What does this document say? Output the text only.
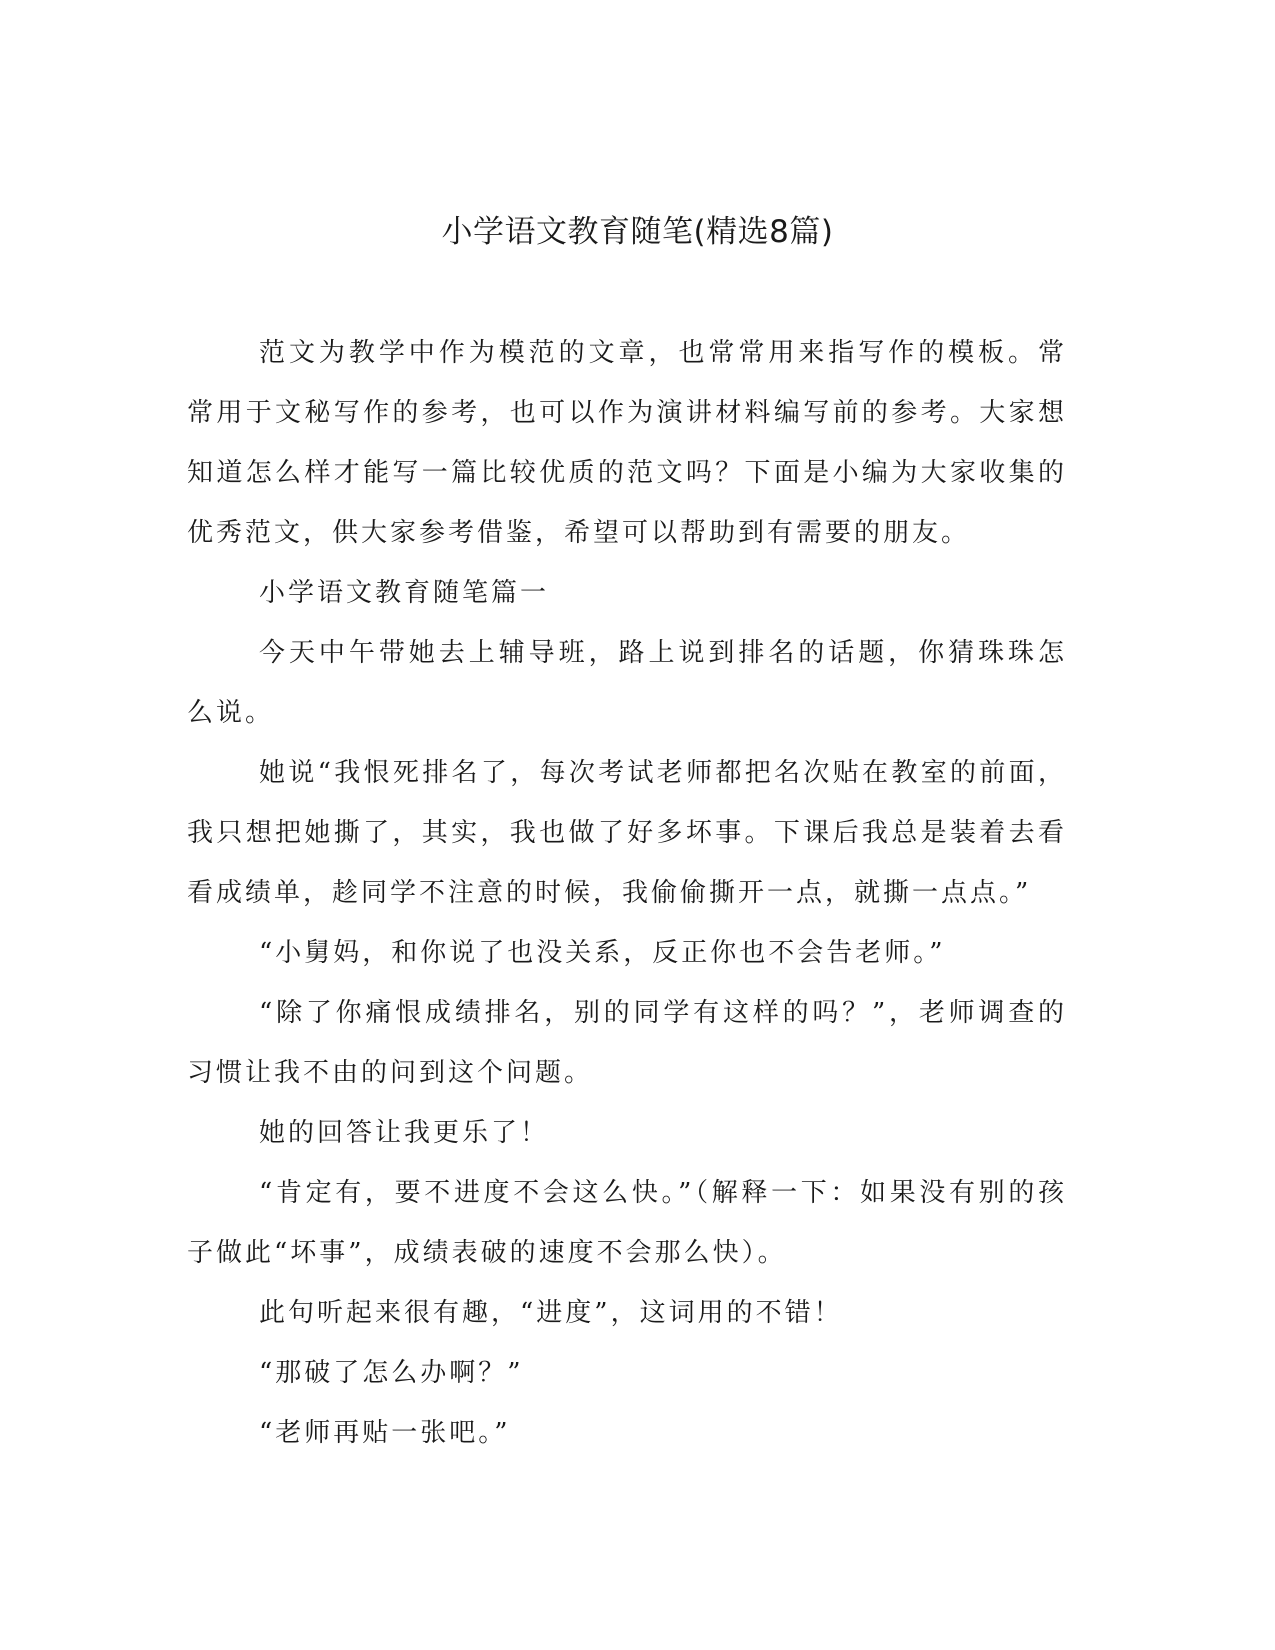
小学语文教育随笔(精选8篇)

范文为教学中作为模范的文章，也常常用来指写作的模板。常常用于文秘写作的参考，也可以作为演讲材料编写前的参考。大家想知道怎么样才能写一篇比较优质的范文吗？下面是小编为大家收集的优秀范文，供大家参考借鉴，希望可以帮助到有需要的朋友。

小学语文教育随笔篇一

今天中午带她去上辅导班，路上说到排名的话题，你猜珠珠怎么说。

她说“我恨死排名了，每次考试老师都把名次贴在教室的前面，我只想把她撕了，其实，我也做了好多坏事。下课后我总是装着去看看成绩单，趁同学不注意的时候，我偷偷撕开一点，就撕一点点。”

“小舅妈，和你说了也没关系，反正你也不会告老师。”

“除了你痛恨成绩排名，别的同学有这样的吗？”，老师调查的习惯让我不由的问到这个问题。

她的回答让我更乐了！

“肯定有，要不进度不会这么快。”（解释一下：如果没有别的孩子做此“坏事”，成绩表破的速度不会那么快）。

此句听起来很有趣，“进度”，这词用的不错！

“那破了怎么办啊？”

“老师再贴一张吧。”
